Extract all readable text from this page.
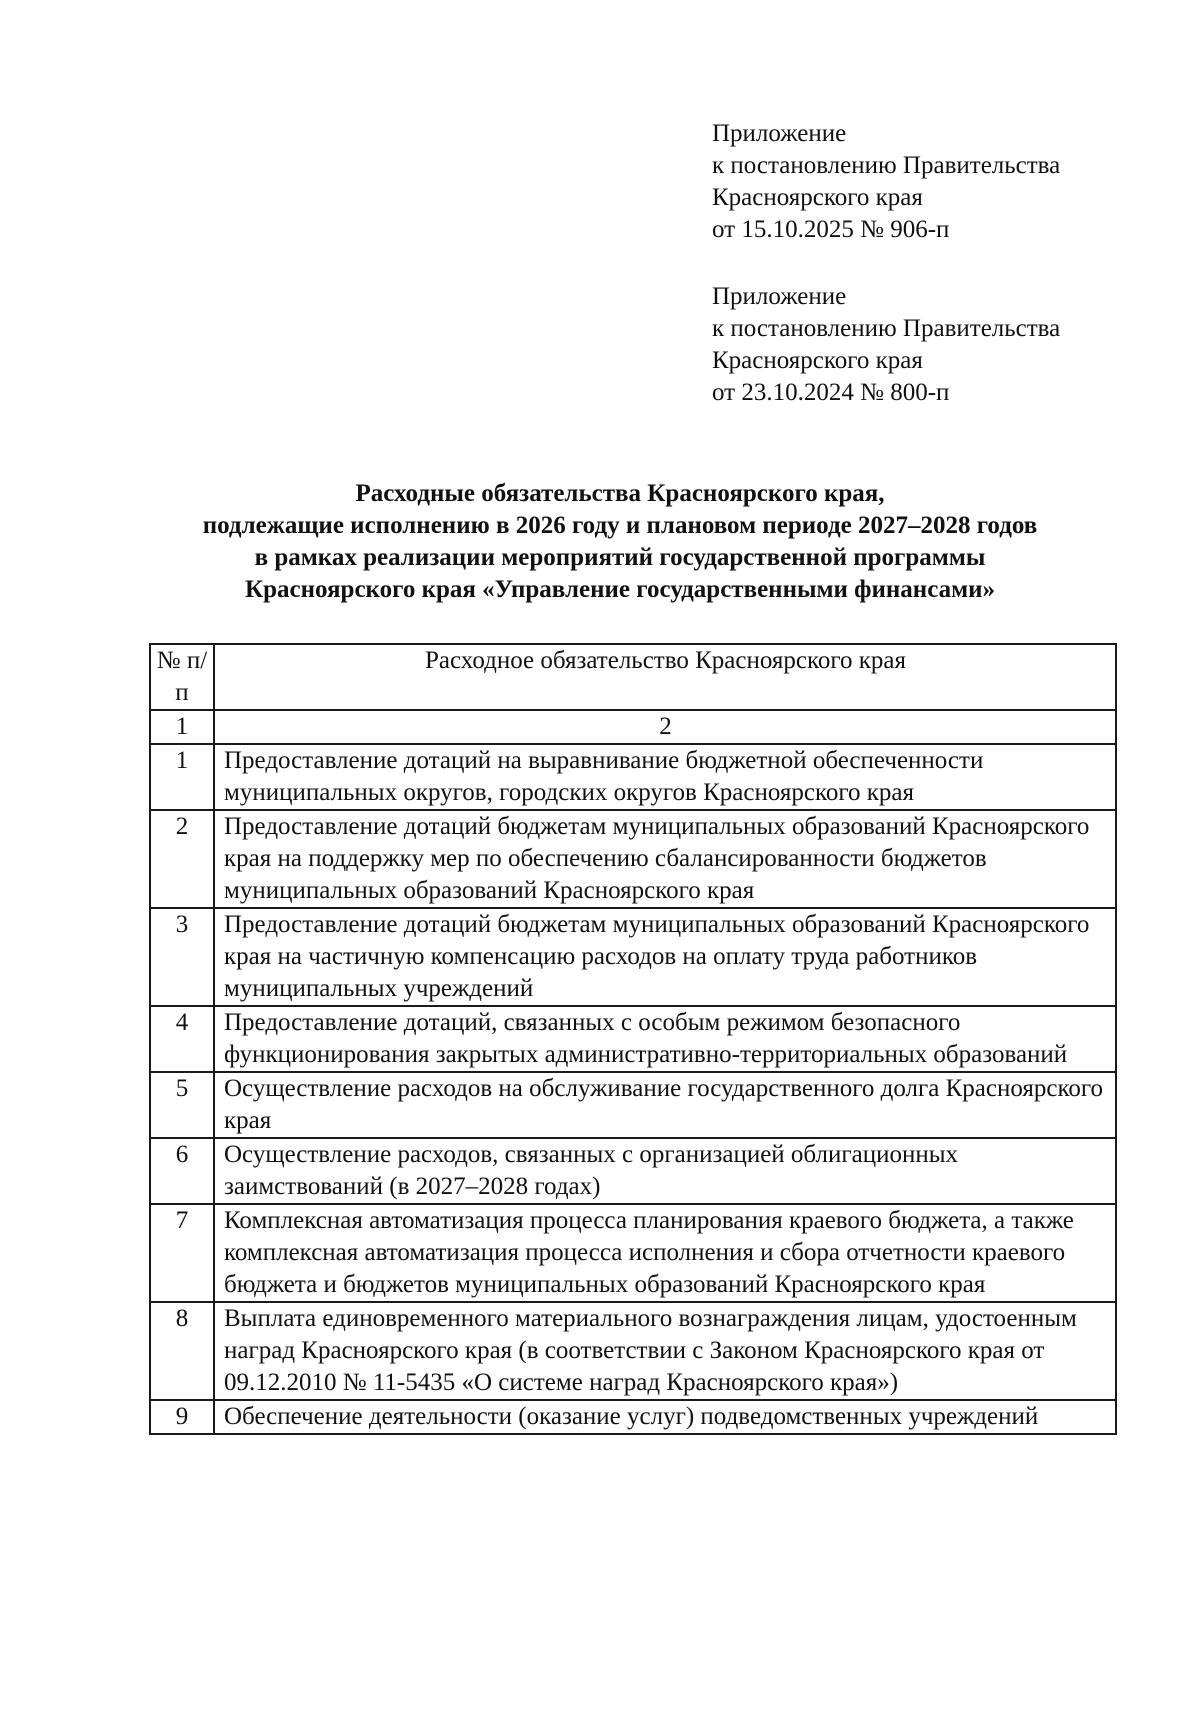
Приложение
к постановлению Правительства
Красноярского края
от 15.10.2025 № 906-п
Приложение
к постановлению Правительства
Красноярского края
от 23.10.2024 № 800-п
Расходные обязательства Красноярского края,
подлежащие исполнению в 2026 году и плановом периоде 2027–2028 годов
в рамках реализации мероприятий государственной программы
Красноярского края «Управление государственными финансами»
№ п/п	Расходное обязательство Красноярского края
1	2
1	Предоставление дотаций на выравнивание бюджетной обеспеченности муниципальных округов, городских округов Красноярского края
2	Предоставление дотаций бюджетам муниципальных образований Красноярского края на поддержку мер по обеспечению сбалансированности бюджетов муниципальных образований Красноярского края
3	Предоставление дотаций бюджетам муниципальных образований Красноярского края на частичную компенсацию расходов на оплату труда работников муниципальных учреждений
4	Предоставление дотаций, связанных с особым режимом безопасного функционирования закрытых административно-территориальных образований
5	Осуществление расходов на обслуживание государственного долга Красноярского края
6	Осуществление расходов, связанных с организацией облигационных заимствований (в 2027–2028 годах)
7	Комплексная автоматизация процесса планирования краевого бюджета, а также комплексная автоматизация процесса исполнения и сбора отчетности краевого бюджета и бюджетов муниципальных образований Красноярского края
8	Выплата единовременного материального вознаграждения лицам, удостоенным наград Красноярского края (в соответствии с Законом Красноярского края от 09.12.2010 № 11-5435 «О системе наград Красноярского края»)
9	Обеспечение деятельности (оказание услуг) подведомственных учреждений
